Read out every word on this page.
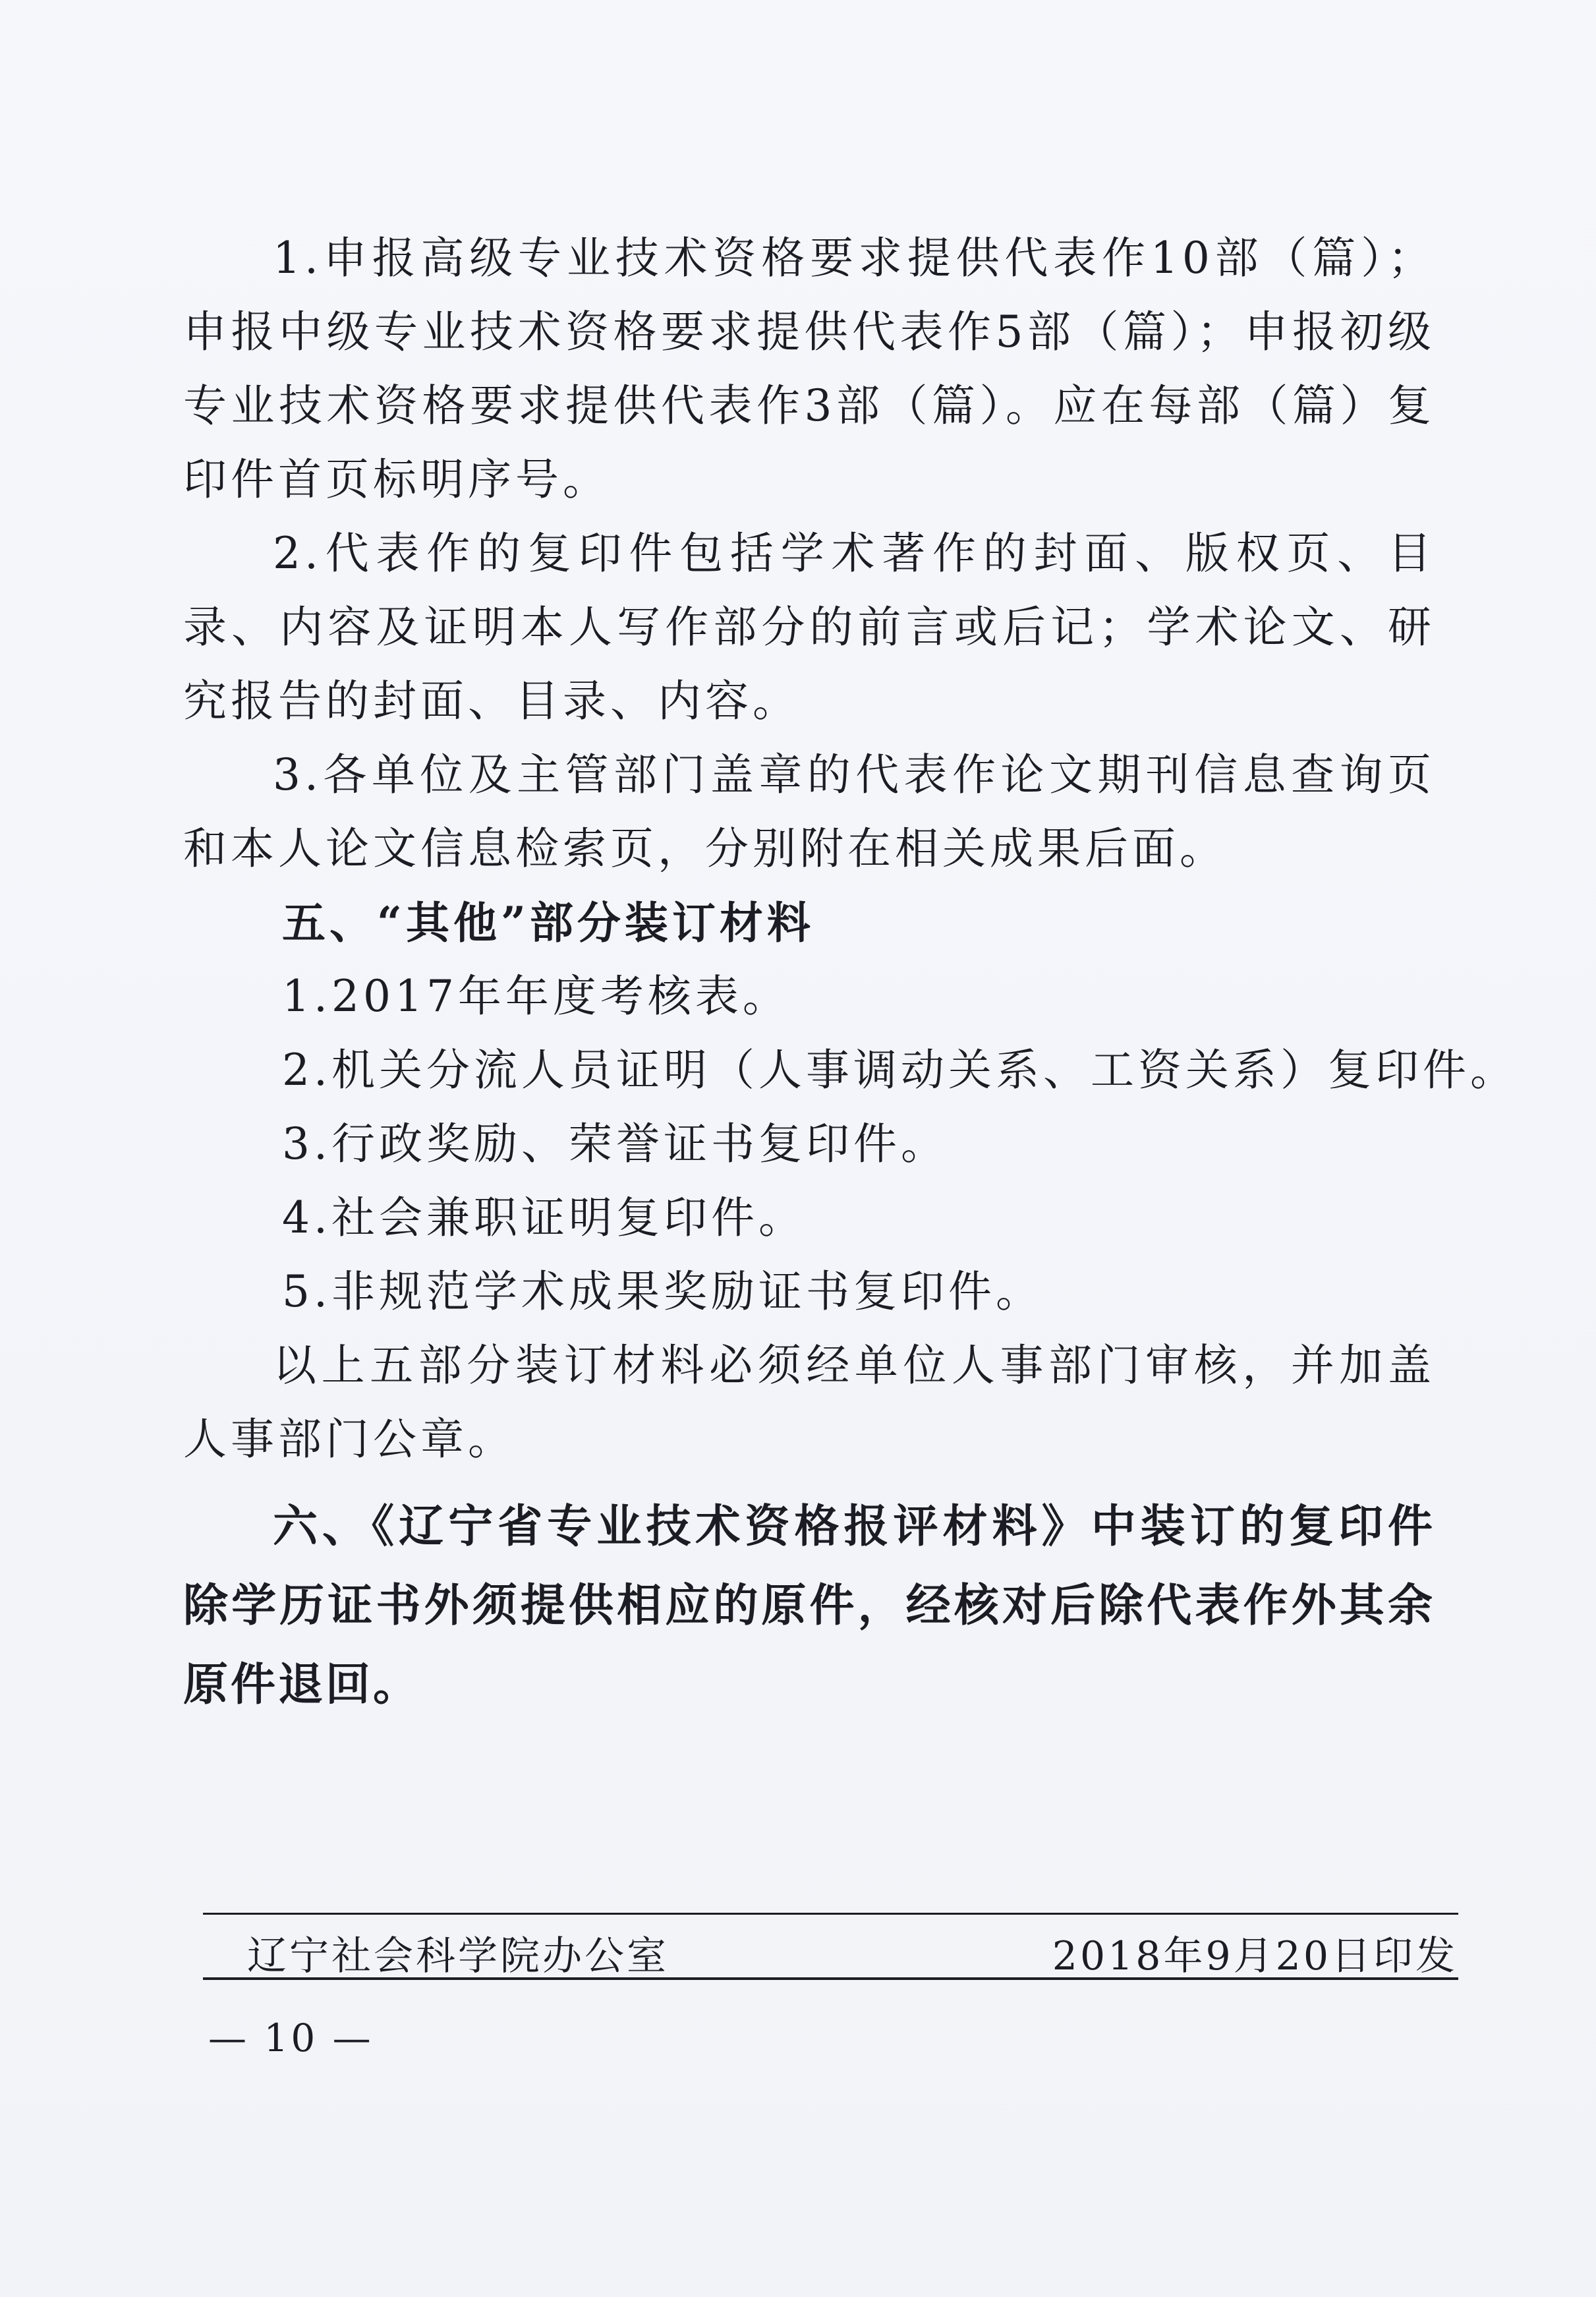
1.申报高级专业技术资格要求提供代表作10部（篇）；申报中级专业技术资格要求提供代表作5部（篇）；申报初级专业技术资格要求提供代表作3部（篇）。应在每部（篇）复印件首页标明序号。

2.代表作的复印件包括学术著作的封面、版权页、目录、内容及证明本人写作部分的前言或后记；学术论文、研究报告的封面、目录、内容。

3.各单位及主管部门盖章的代表作论文期刊信息查询页和本人论文信息检索页，分别附在相关成果后面。

五、“其他”部分装订材料

1.2017年年度考核表。

2.机关分流人员证明（人事调动关系、工资关系）复印件。

3.行政奖励、荣誉证书复印件。

4.社会兼职证明复印件。

5.非规范学术成果奖励证书复印件。

以上五部分装订材料必须经单位人事部门审核，并加盖人事部门公章。

六、《辽宁省专业技术资格报评材料》中装订的复印件除学历证书外须提供相应的原件，经核对后除代表作外其余原件退回。

辽宁社会科学院办公室	2018年9月20日印发
— 10 —
